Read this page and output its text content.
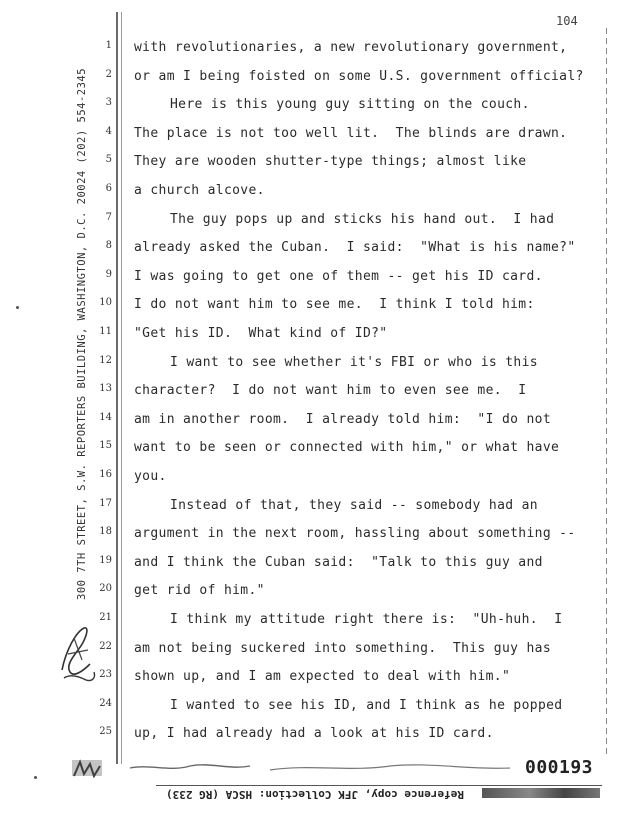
104
300 7TH STREET, S.W. REPORTERS BUILDING, WASHINGTON, D.C. 20024 (202) 554-2345
1
2
3
4
5
6
7
8
9
10
11
12
13
14
15
16
17
18
19
20
21
22
23
24
25
with revolutionaries, a new revolutionary government,
or am I being foisted on some U.S. government official?
Here is this young guy sitting on the couch.
The place is not too well lit.  The blinds are drawn.
They are wooden shutter-type things; almost like
a church alcove.
The guy pops up and sticks his hand out.  I had
already asked the Cuban.  I said:  "What is his name?"
I was going to get one of them -- get his ID card.
I do not want him to see me.  I think I told him:
"Get his ID.  What kind of ID?"
I want to see whether it's FBI or who is this
character?  I do not want him to even see me.  I
am in another room.  I already told him:  "I do not
want to be seen or connected with him," or what have
you.
Instead of that, they said -- somebody had an
argument in the next room, hassling about something --
and I think the Cuban said:  "Talk to this guy and
get rid of him."
I think my attitude right there is:  "Uh-huh.  I
am not being suckered into something.  This guy has
shown up, and I am expected to deal with him."
I wanted to see his ID, and I think as he popped
up, I had already had a look at his ID card.
000193
Reference copy, JFK Collection: HSCA (RG 233)
